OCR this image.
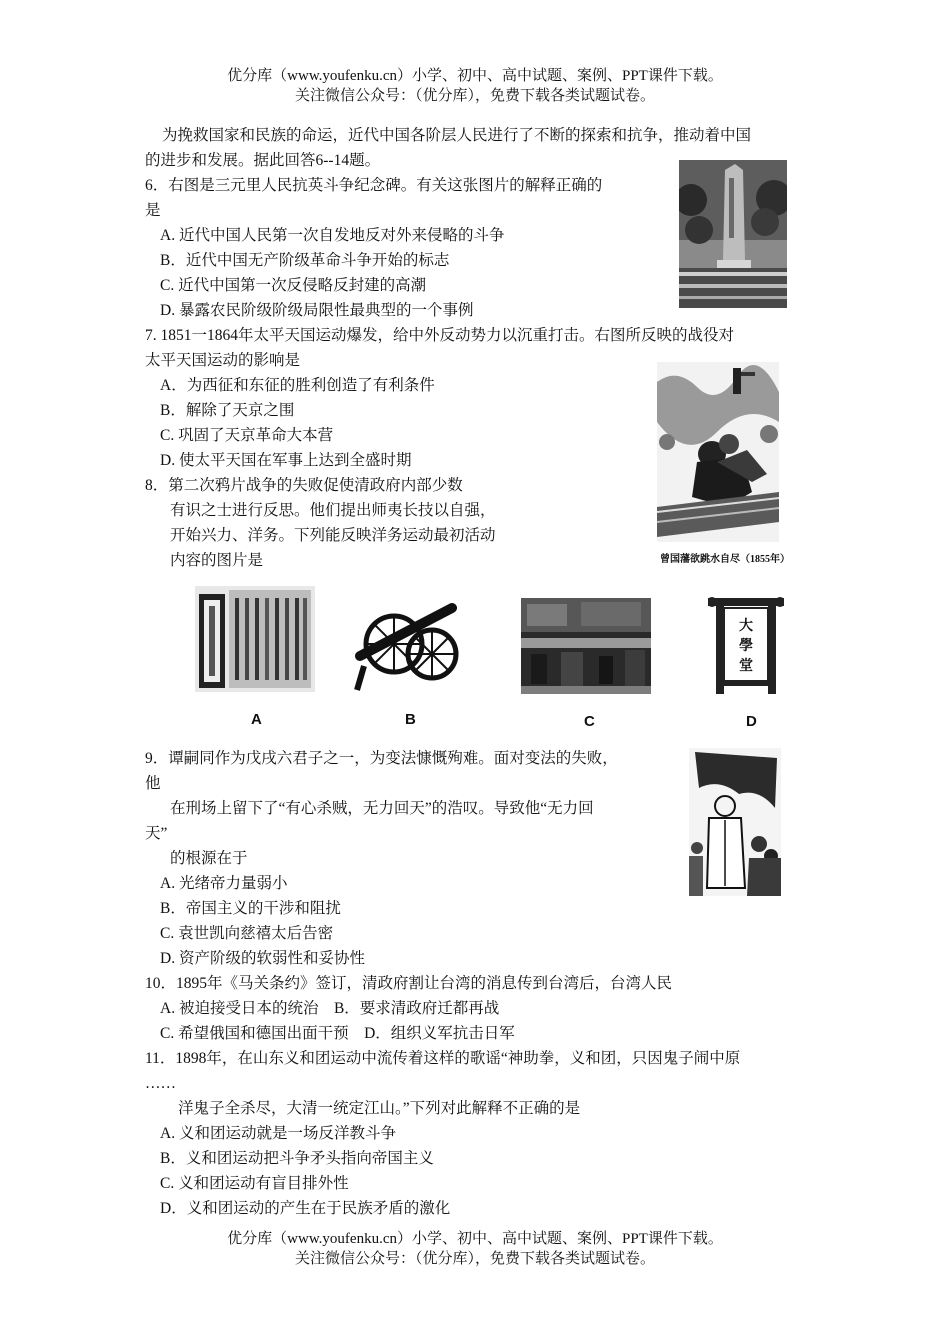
优分库（www.youfenku.cn）小学、初中、高中试题、案例、PPT课件下载。
关注微信公众号：（优分库），免费下载各类试题试卷。
为挽救国家和民族的命运，近代中国各阶层人民进行了不断的探索和抗争，推动着中国
的进步和发展。据此回答6--14题。
6．右图是三元里人民抗英斗争纪念碑。有关这张图片的解释正确的
是
A. 近代中国人民第一次自发地反对外来侵略的斗争
B．近代中国无产阶级革命斗争开始的标志
C. 近代中国第一次反侵略反封建的高潮
D. 暴露农民阶级阶级局限性最典型的一个事例
7. 1851一1864年太平天国运动爆发，给中外反动势力以沉重打击。右图所反映的战役对
太平天国运动的影响是
A．为西征和东征的胜利创造了有利条件
B．解除了天京之围
C. 巩固了天京革命大本营
D. 使太平天国在军事上达到全盛时期
曾国藩欲跳水自尽（1855年）
8．第二次鸦片战争的失败促使清政府内部少数
有识之士进行反思。他们提出师夷长技以自强，
开始兴力、洋务。下列能反映洋务运动最初活动
内容的图片是
大
學
堂
A	B	C	D
9．谭嗣同作为戊戌六君子之一，为变法慷慨殉难。面对变法的失败，
他
在刑场上留下了“有心杀贼，无力回天”的浩叹。导致他“无力回
天”
的根源在于
A. 光绪帝力量弱小
B．帝国主义的干涉和阻扰
C. 袁世凯向慈禧太后告密
D. 资产阶级的软弱性和妥协性
10．1895年《马关条约》签订，清政府割让台湾的消息传到台湾后，台湾人民
A. 被迫接受日本的统治    B．要求清政府迁都再战
C. 希望俄国和德国出面干预    D．组织义军抗击日军
11．1898年，在山东义和团运动中流传着这样的歌谣“神助拳，义和团，只因鬼子闹中原
……
洋鬼子全杀尽，大清一统定江山。”下列对此解释不正确的是
A. 义和团运动就是一场反洋教斗争
B．义和团运动把斗争矛头指向帝国主义
C. 义和团运动有盲目排外性
D．义和团运动的产生在于民族矛盾的激化
优分库（www.youfenku.cn）小学、初中、高中试题、案例、PPT课件下载。
关注微信公众号：（优分库），免费下载各类试题试卷。
